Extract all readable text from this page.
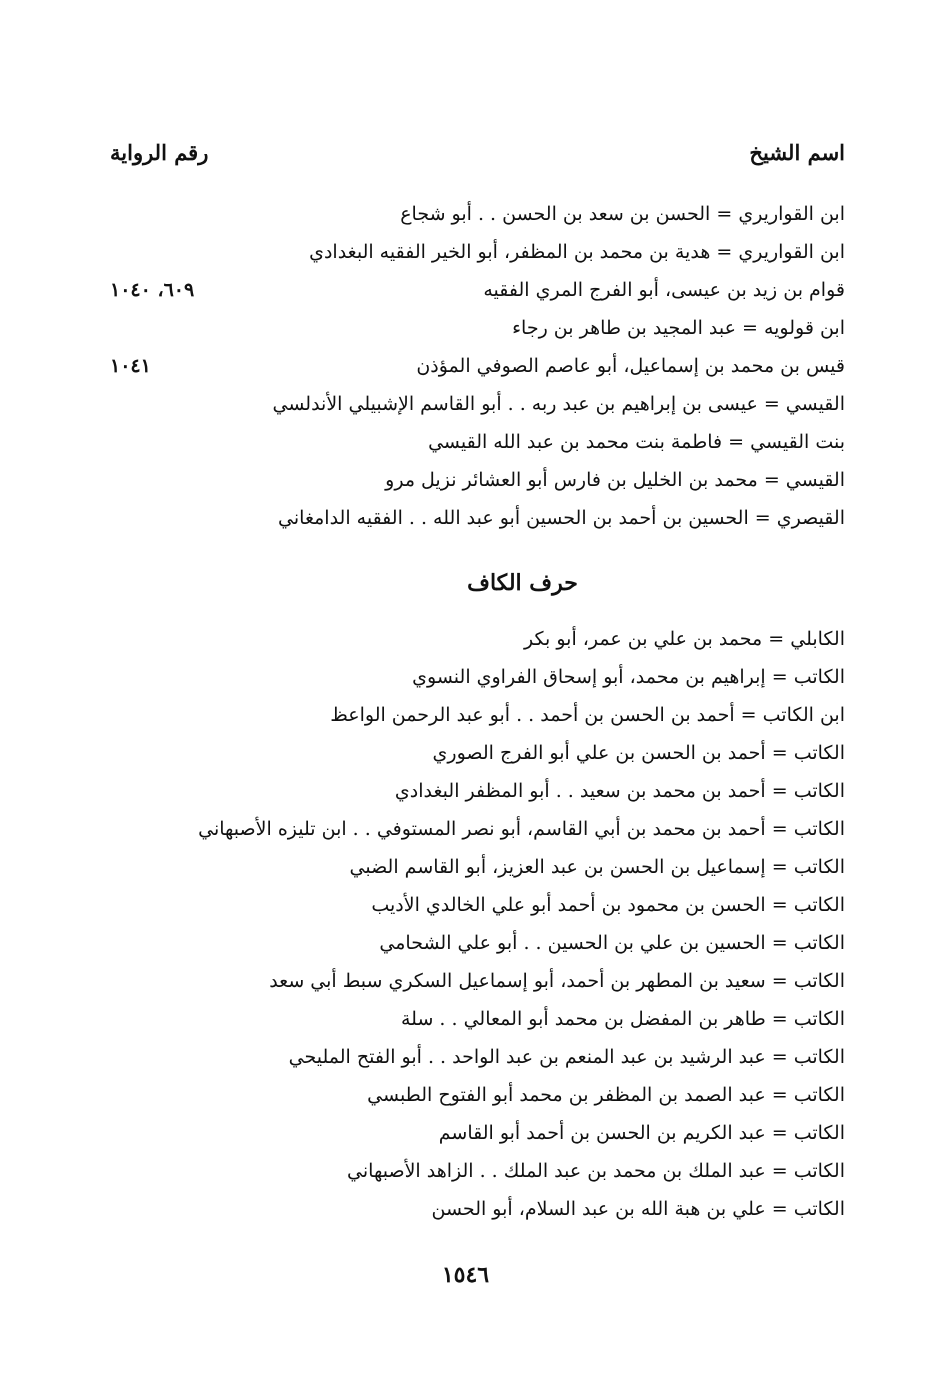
اسم الشيخ
رقم الرواية
ابن القواريري = الحسن بن سعد بن الحسن . . أبو شجاع
ابن القواريري = هدية بن محمد بن المظفر، أبو الخير الفقيه البغدادي
قوام بن زيد بن عيسى، أبو الفرج المري الفقيه
٦٠٩، ١٠٤٠
ابن قولويه = عبد المجيد بن طاهر بن رجاء
قيس بن محمد بن إسماعيل، أبو عاصم الصوفي المؤذن
١٠٤١
القيسي = عيسى بن إبراهيم بن عبد ربه . . أبو القاسم الإشبيلي الأندلسي
بنت القيسي = فاطمة بنت محمد بن عبد الله القيسي
القيسي = محمد بن الخليل بن فارس أبو العشائر نزيل مرو
القيصري = الحسين بن أحمد بن الحسين أبو عبد الله . . الفقيه الدامغاني
حرف الكاف
الكابلي = محمد بن علي بن عمر، أبو بكر
الكاتب = إبراهيم بن محمد، أبو إسحاق الفراوي النسوي
ابن الكاتب = أحمد بن الحسن بن أحمد . . أبو عبد الرحمن الواعظ
الكاتب = أحمد بن الحسن بن علي أبو الفرج الصوري
الكاتب = أحمد بن محمد بن سعيد . . أبو المظفر البغدادي
الكاتب = أحمد بن محمد بن أبي القاسم، أبو نصر المستوفي . . ابن تليزه الأصبهاني
الكاتب = إسماعيل بن الحسن بن عبد العزيز، أبو القاسم الضبي
الكاتب = الحسن بن محمود بن أحمد أبو علي الخالدي الأديب
الكاتب = الحسين بن علي بن الحسين . . أبو علي الشحامي
الكاتب = سعيد بن المطهر بن أحمد، أبو إسماعيل السكري سبط أبي سعد
الكاتب = طاهر بن المفضل بن محمد أبو المعالي . . سلة
الكاتب = عبد الرشيد بن عبد المنعم بن عبد الواحد . . أبو الفتح المليحي
الكاتب = عبد الصمد بن المظفر بن محمد أبو الفتوح الطبسي
الكاتب = عبد الكريم بن الحسن بن أحمد أبو القاسم
الكاتب = عبد الملك بن محمد بن عبد الملك . . الزاهد الأصبهاني
الكاتب = علي بن هبة الله بن عبد السلام، أبو الحسن
١٥٤٦
